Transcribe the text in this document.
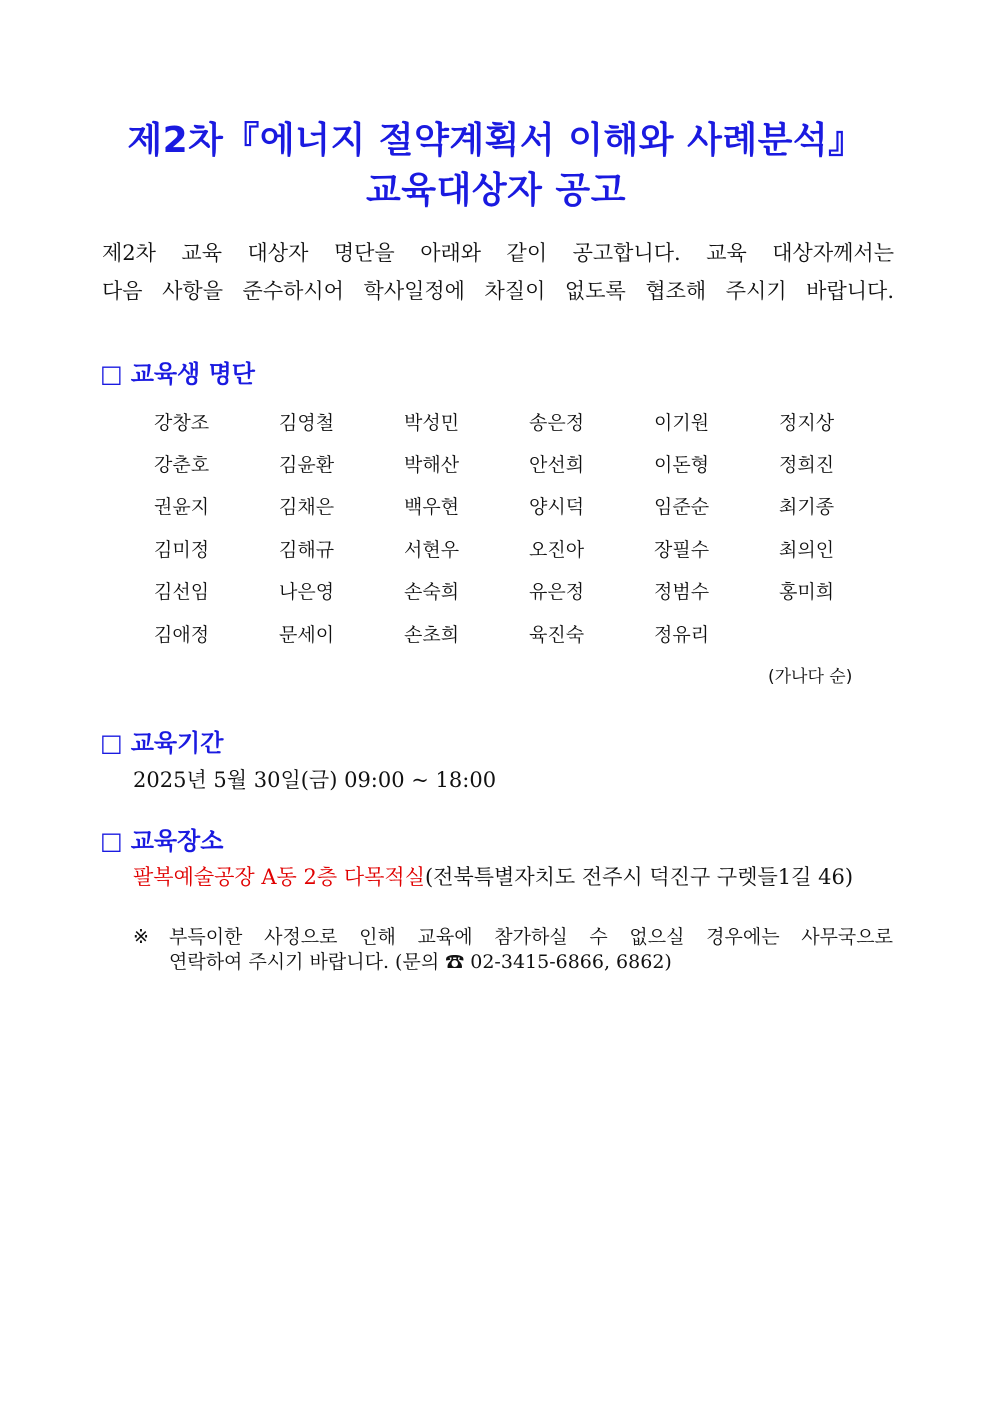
제2차『에너지 절약계획서 이해와 사례분석』
교육대상자 공고
제2차 교육 대상자 명단을 아래와 같이 공고합니다. 교육 대상자께서는
다음 사항을 준수하시어 학사일정에 차질이 없도록 협조해 주시기 바랍니다.
□ 교육생 명단
강창조	김영철	박성민	송은정	이기원	정지상
강춘호	김윤환	박해산	안선희	이돈형	정희진
권윤지	김채은	백우현	양시덕	임준순	최기종
김미정	김해규	서현우	오진아	장필수	최의인
김선임	나은영	손숙희	유은정	정범수	홍미희
김애정	문세이	손초희	육진숙	정유리
(가나다 순)
□ 교육기간
2025년 5월 30일(금) 09:00 ~ 18:00
□ 교육장소
팔복예술공장 A동 2층 다목적실(전북특별자치도 전주시 덕진구 구렛들1길 46)
※	부득이한 사정으로 인해 교육에 참가하실 수 없으실 경우에는 사무국으로
연락하여 주시기 바랍니다. (문의 ☎ 02-3415-6866, 6862)
